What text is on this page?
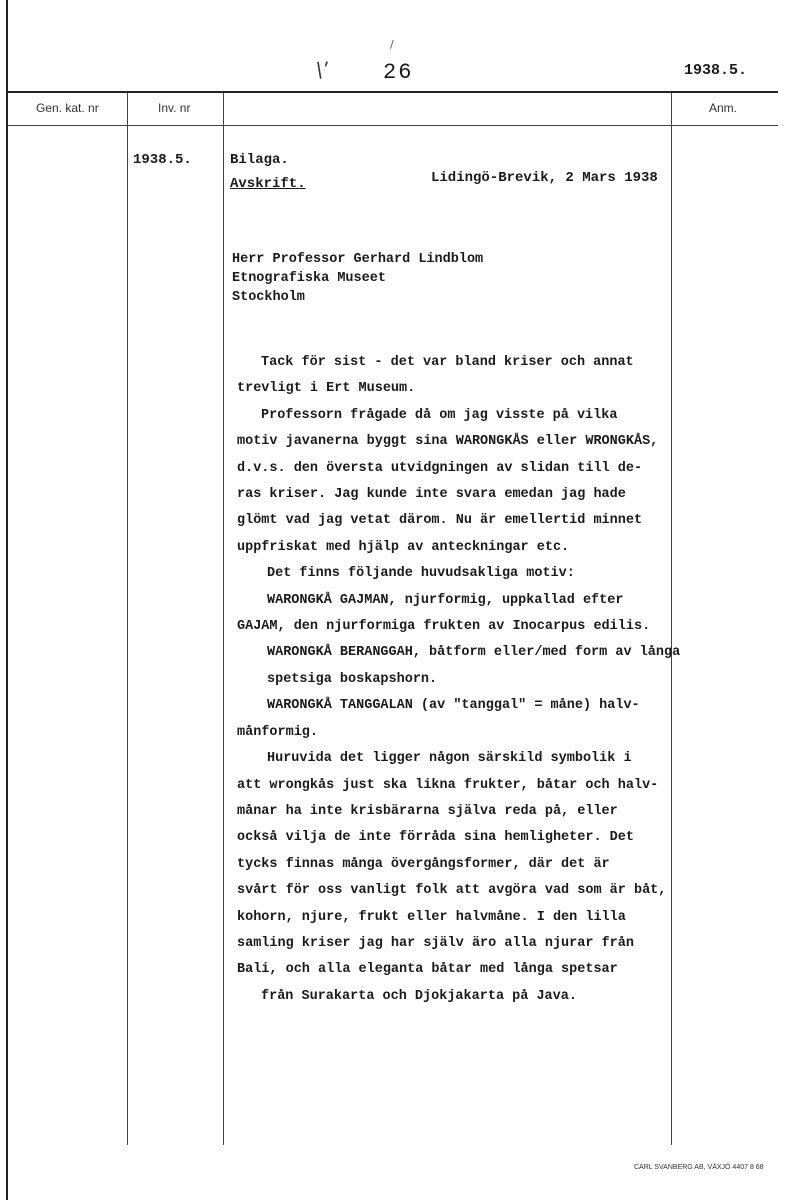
\ʹ
/
26	1938.5.
Gen. kat. nr	Inv. nr	Anm.
1938.5.	Bilaga.
Avskrift.	Lidingö-Brevik, 2 Mars 1938
Herr Professor Gerhard Lindblom
Etnografiska Museet
Stockholm
Tack för sist - det var bland kriser och annat
trevligt i Ert Museum.
Professorn frågade då om jag visste på vilka
motiv javanerna byggt sina WARONGKÅS eller WRONGKÅS,
d.v.s. den översta utvidgningen av slidan till de-
ras kriser. Jag kunde inte svara emedan jag hade
glömt vad jag vetat därom. Nu är emellertid minnet
uppfriskat med hjälp av anteckningar etc.
Det finns följande huvudsakliga motiv:
WARONGKÅ GAJMAN, njurformig, uppkallad efter
GAJAM, den njurformiga frukten av Inocarpus edilis.
WARONGKÅ BERANGGAH, båtform eller/med form av långa
spetsiga boskapshorn.
WARONGKÅ TANGGALAN (av "tanggal" = måne) halv-
månformig.
Huruvida det ligger någon särskild symbolik i
att wrongkås just ska likna frukter, båtar och halv-
månar ha inte krisbärarna själva reda på, eller
också vilja de inte förråda sina hemligheter. Det
tycks finnas många övergångsformer, där det är
svårt för oss vanligt folk att avgöra vad som är båt,
kohorn, njure, frukt eller halvmåne. I den lilla
samling kriser jag har själv äro alla njurar från
Bali, och alla eleganta båtar med långa spetsar
från Surakarta och Djokjakarta på Java.
CARL SVANBERG AB, VÄXJÖ 4407 8 68
